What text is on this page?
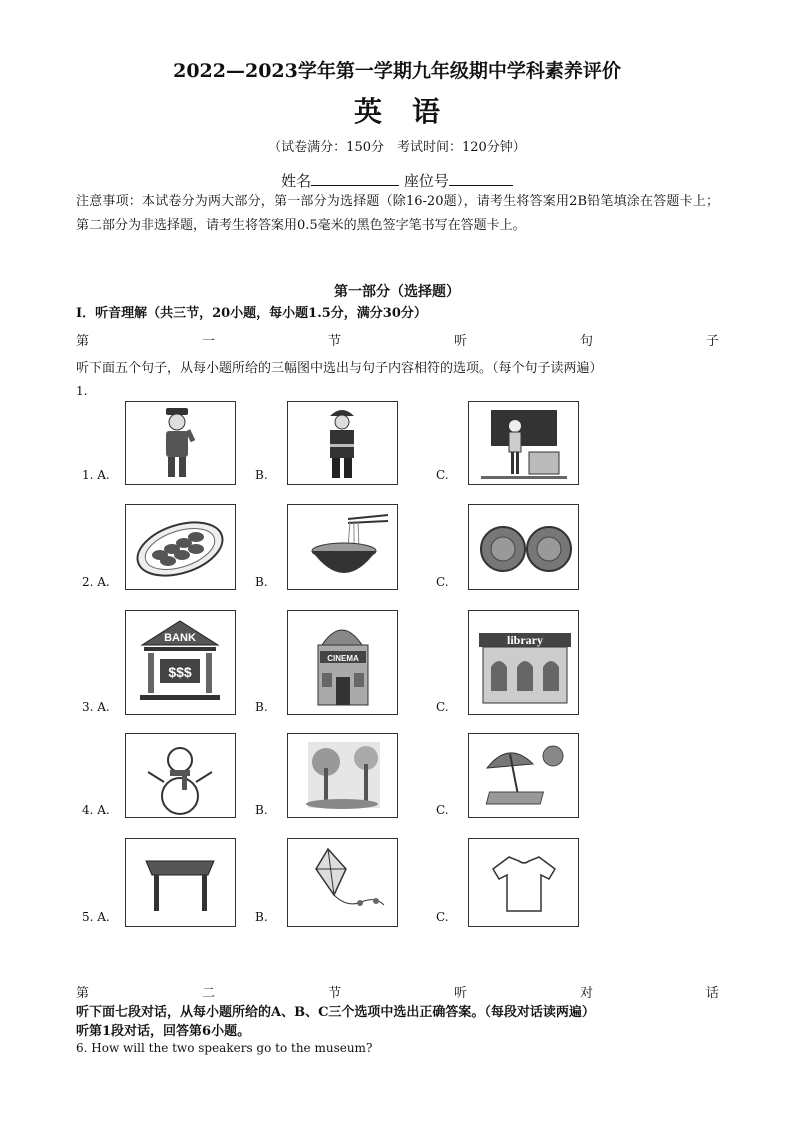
2022—2023学年第一学期九年级期中学科素养评价
英语
（试卷满分：150分　考试时间：120分钟）
姓名	座位号
注意事项：本试卷分为两大部分，第一部分为选择题（除16-20题），请考生将答案用2B铅笔填涂在答题卡上；第二部分为非选择题，请考生将答案用0.5毫米的黑色签字笔书写在答题卡上。
第一部分（选择题）
I．听音理解（共三节，20小题，每小题1.5分，满分30分）
第	一	节	听	句	子
听下面五个句子，从每小题所给的三幅图中选出与句子内容相符的选项。（每个句子读两遍）
1.
1. A.	B.	C.
2. A.	B.	C.
3. A.	B.	C.
BANK
$$$
CINEMA
library
4. A.	B.	C.
5. A.	B.	C.
第	二	节	听	对	话
听下面七段对话，从每小题所给的A、B、C三个选项中选出正确答案。（每段对话读两遍）
听第1段对话，回答第6小题。
6. How will the two speakers go to the museum?
